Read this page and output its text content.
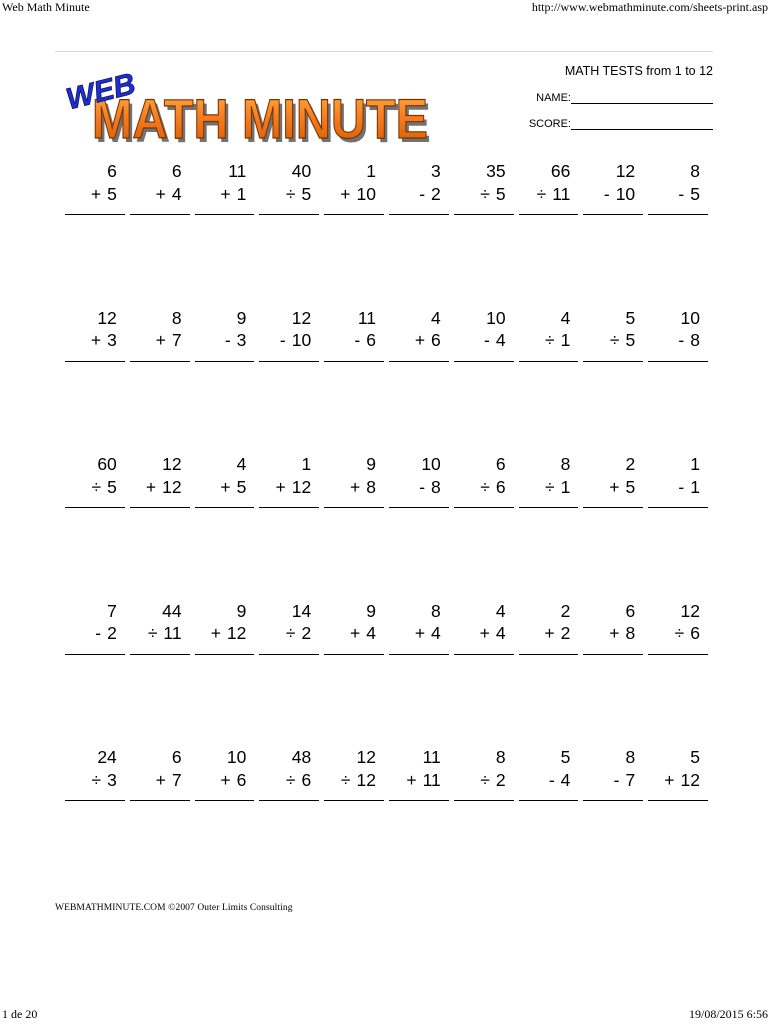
Web Math Minute	http://www.webmathminute.com/sheets-print.asp
MATH MINUTE
MATH MINUTE
WEB	MATH TESTS from 1 to 12
NAME:
SCORE:
6
+ 5
6
+ 4
11
+ 1
40
÷ 5
1
+ 10
3
- 2
35
÷ 5
66
÷ 11
12
- 10
8
- 5
12
+ 3
8
+ 7
9
- 3
12
- 10
11
- 6
4
+ 6
10
- 4
4
÷ 1
5
÷ 5
10
- 8
60
÷ 5
12
+ 12
4
+ 5
1
+ 12
9
+ 8
10
- 8
6
÷ 6
8
÷ 1
2
+ 5
1
- 1
7
- 2
44
÷ 11
9
+ 12
14
÷ 2
9
+ 4
8
+ 4
4
+ 4
2
+ 2
6
+ 8
12
÷ 6
24
÷ 3
6
+ 7
10
+ 6
48
÷ 6
12
÷ 12
11
+ 11
8
÷ 2
5
- 4
8
- 7
5
+ 12
WEBMATHMINUTE.COM ©2007 Outer Limits Consulting
1 de 20	19/08/2015 6:56
